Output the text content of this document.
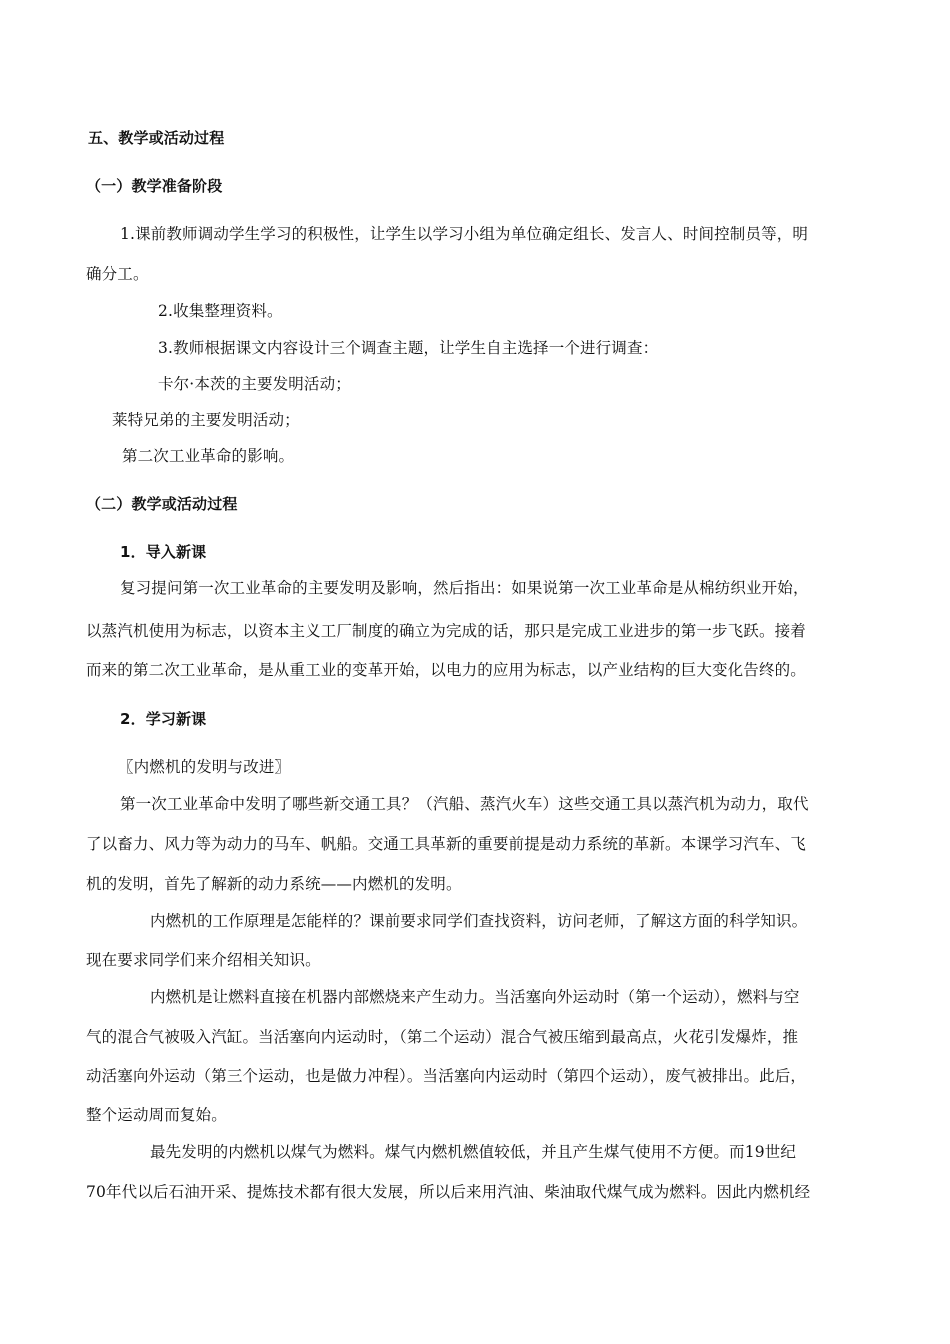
五、教学或活动过程
（一）教学准备阶段
1.课前教师调动学生学习的积极性，让学生以学习小组为单位确定组长、发言人、时间控制员等，明
确分工。
2.收集整理资料。
3.教师根据课文内容设计三个调查主题，让学生自主选择一个进行调查：
卡尔·本茨的主要发明活动；
莱特兄弟的主要发明活动；
第二次工业革命的影响。
（二）教学或活动过程
1．导入新课
复习提问第一次工业革命的主要发明及影响，然后指出：如果说第一次工业革命是从棉纺织业开始，
以蒸汽机使用为标志，以资本主义工厂制度的确立为完成的话，那只是完成工业进步的第一步飞跃。接着
而来的第二次工业革命，是从重工业的变革开始，以电力的应用为标志，以产业结构的巨大变化告终的。
2．学习新课
〖内燃机的发明与改进〗
第一次工业革命中发明了哪些新交通工具？（汽船、蒸汽火车）这些交通工具以蒸汽机为动力，取代
了以畜力、风力等为动力的马车、帆船。交通工具革新的重要前提是动力系统的革新。本课学习汽车、飞
机的发明，首先了解新的动力系统——内燃机的发明。
内燃机的工作原理是怎能样的？课前要求同学们查找资料，访问老师，了解这方面的科学知识。
现在要求同学们来介绍相关知识。
内燃机是让燃料直接在机器内部燃烧来产生动力。当活塞向外运动时（第一个运动），燃料与空
气的混合气被吸入汽缸。当活塞向内运动时，（第二个运动）混合气被压缩到最高点，火花引发爆炸，推
动活塞向外运动（第三个运动，也是做力冲程）。当活塞向内运动时（第四个运动），废气被排出。此后，
整个运动周而复始。
最先发明的内燃机以煤气为燃料。煤气内燃机燃值较低，并且产生煤气使用不方便。而19世纪
70年代以后石油开采、提炼技术都有很大发展，所以后来用汽油、柴油取代煤气成为燃料。因此内燃机经
